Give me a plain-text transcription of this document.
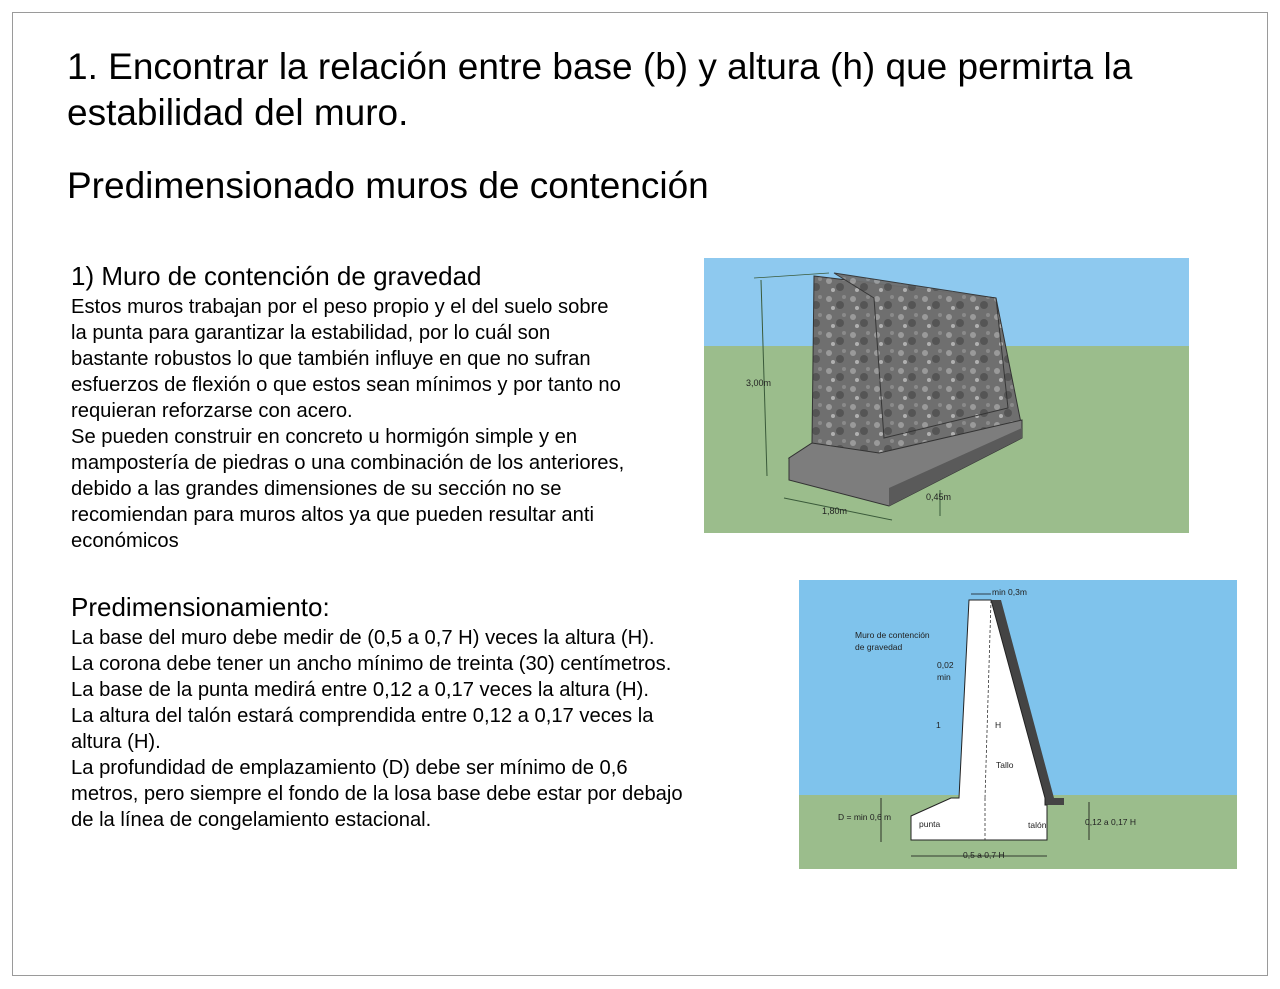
1. Encontrar la relación entre base (b) y altura (h) que permirta la estabilidad del muro.
Predimensionado muros de contención
1) Muro de contención de gravedad
Estos muros trabajan por el peso propio y el del suelo sobre
la punta para garantizar la estabilidad, por lo cuál son
bastante robustos lo que también influye en que no sufran
esfuerzos de flexión o que estos sean mínimos y por tanto no
requieran reforzarse con acero.
Se pueden construir en concreto u hormigón simple y en
mampostería de piedras o una combinación de los anteriores,
debido a las grandes dimensiones de su sección no se
recomiendan para muros altos ya que pueden resultar anti
económicos
Predimensionamiento:
La base del muro debe medir de (0,5 a 0,7 H) veces la altura (H).
La corona debe tener un ancho mínimo de treinta (30) centímetros.
La base de la punta medirá entre 0,12 a 0,17 veces la altura (H).
La altura del talón estará comprendida entre 0,12 a 0,17 veces la
altura (H).
La profundidad de emplazamiento (D) debe ser mínimo de 0,6
metros, pero siempre el fondo de la losa base debe estar por debajo
de la línea de congelamiento estacional.
3,00m
1,80m
0,45m
Muro de contención
de gravedad
min 0,3m
0,02
min
1	H
Tallo
D = min 0,6 m
punta	talón	0,12 a 0,17 H
0,5 a 0,7 H
